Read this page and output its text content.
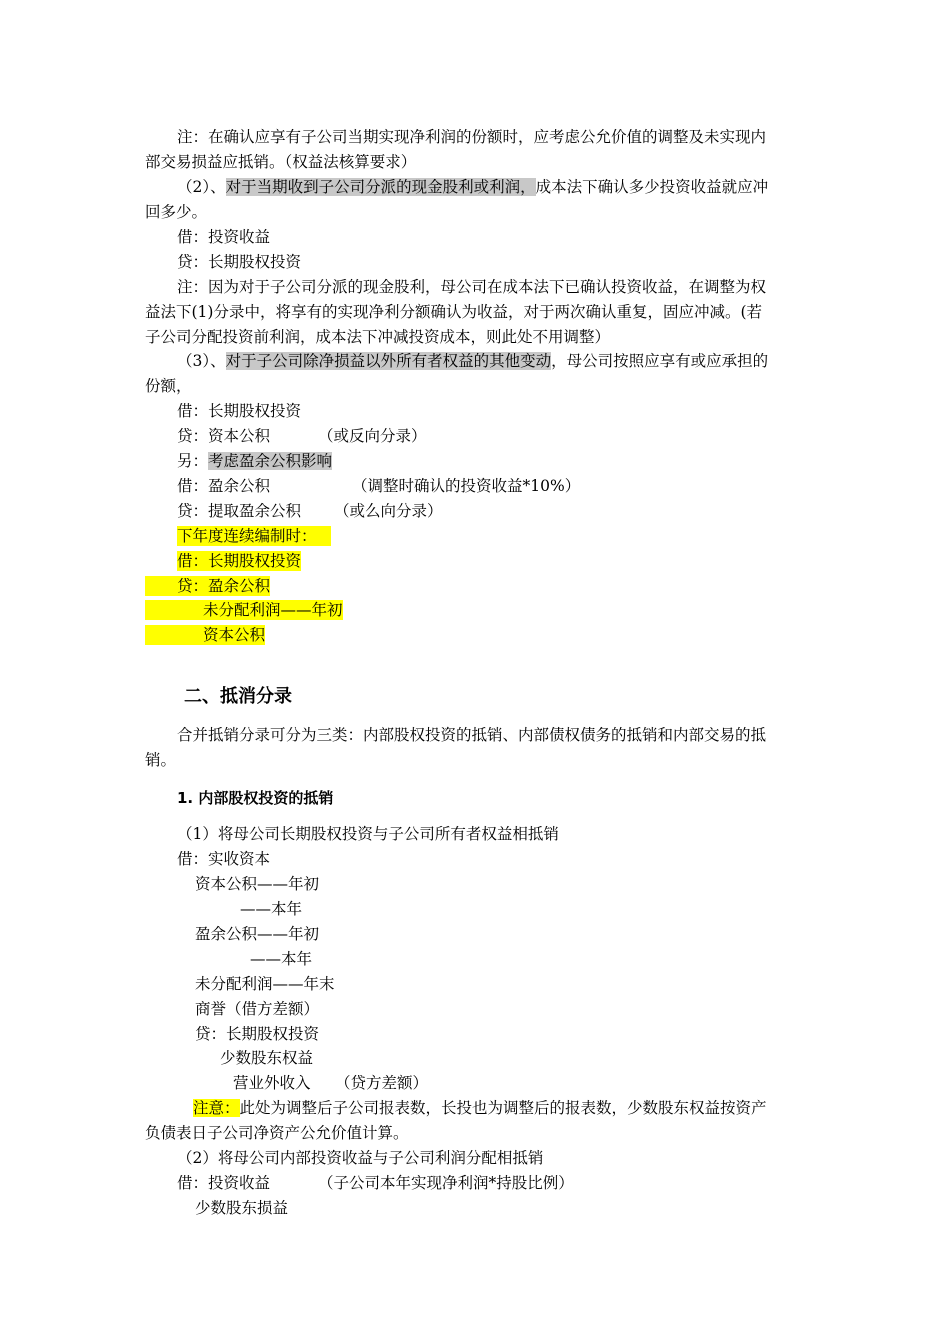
注：在确认应享有子公司当期实现净利润的份额时，应考虑公允价值的调整及未实现内
部交易损益应抵销。（权益法核算要求）
（2）、对于当期收到子公司分派的现金股利或利润，成本法下确认多少投资收益就应冲
回多少。
借：投资收益
贷：长期股权投资
注：因为对于子公司分派的现金股利，母公司在成本法下已确认投资收益，在调整为权
益法下(1)分录中，将享有的实现净利分额确认为收益，对于两次确认重复，固应冲减。(若
子公司分配投资前利润，成本法下冲减投资成本，则此处不用调整）
（3）、对于子公司除净损益以外所有者权益的其他变动，母公司按照应享有或应承担的
份额，
借：长期股权投资
贷：资本公积	（或反向分录）
另：考虑盈余公积影响
借：盈余公积	（调整时确认的投资收益*10%）
贷：提取盈余公积 （或么向分录）
下年度连续编制时：
借：长期股权投资
贷：盈余公积
未分配利润——年初
资本公积
二、抵消分录
合并抵销分录可分为三类：内部股权投资的抵销、内部债权债务的抵销和内部交易的抵
销。
1. 内部股权投资的抵销
（1）将母公司长期股权投资与子公司所有者权益相抵销
借：实收资本
资本公积——年初
——本年
盈余公积——年初
——本年
未分配利润——年末
商誉（借方差额）
贷：长期股权投资
少数股东权益
营业外收入 （贷方差额）
注意：此处为调整后子公司报表数，长投也为调整后的报表数，少数股东权益按资产
负债表日子公司净资产公允价值计算。
（2）将母公司内部投资收益与子公司利润分配相抵销
借：投资收益	（子公司本年实现净利润*持股比例）
少数股东损益
